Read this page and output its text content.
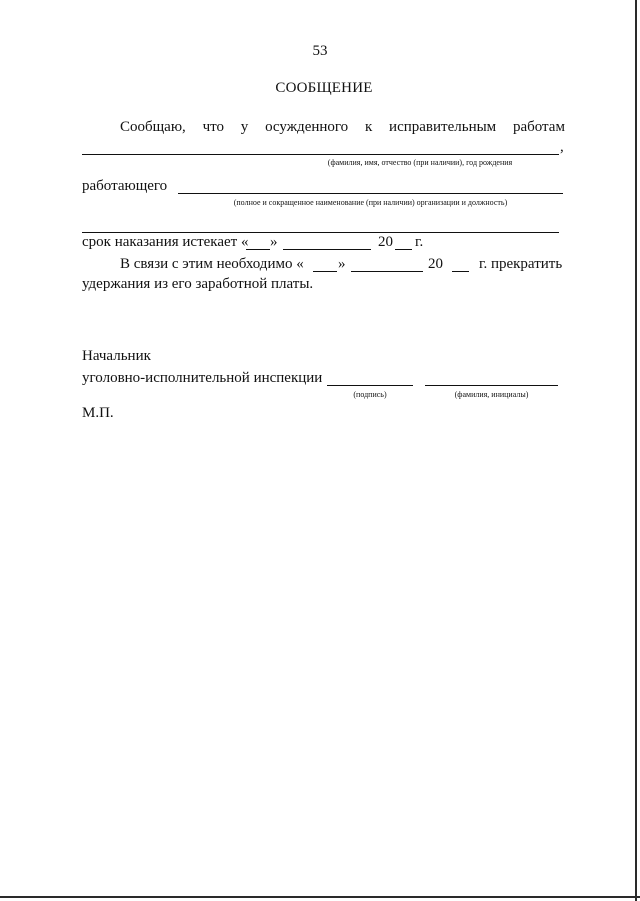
53
СООБЩЕНИЕ
Сообщаю, что у осужденного к исправительным работам
,
(фамилия, имя, отчество (при наличии), год рождения
работающего
(полное и сокращенное наименование (при наличии) организации и должность)
срок наказания истекает « »	20 г.
В связи с этим необходимо « »	20 г. прекратить
удержания из его заработной платы.
Начальник
уголовно-исполнительной инспекции
(подпись)	(фамилия, инициалы)
М.П.
